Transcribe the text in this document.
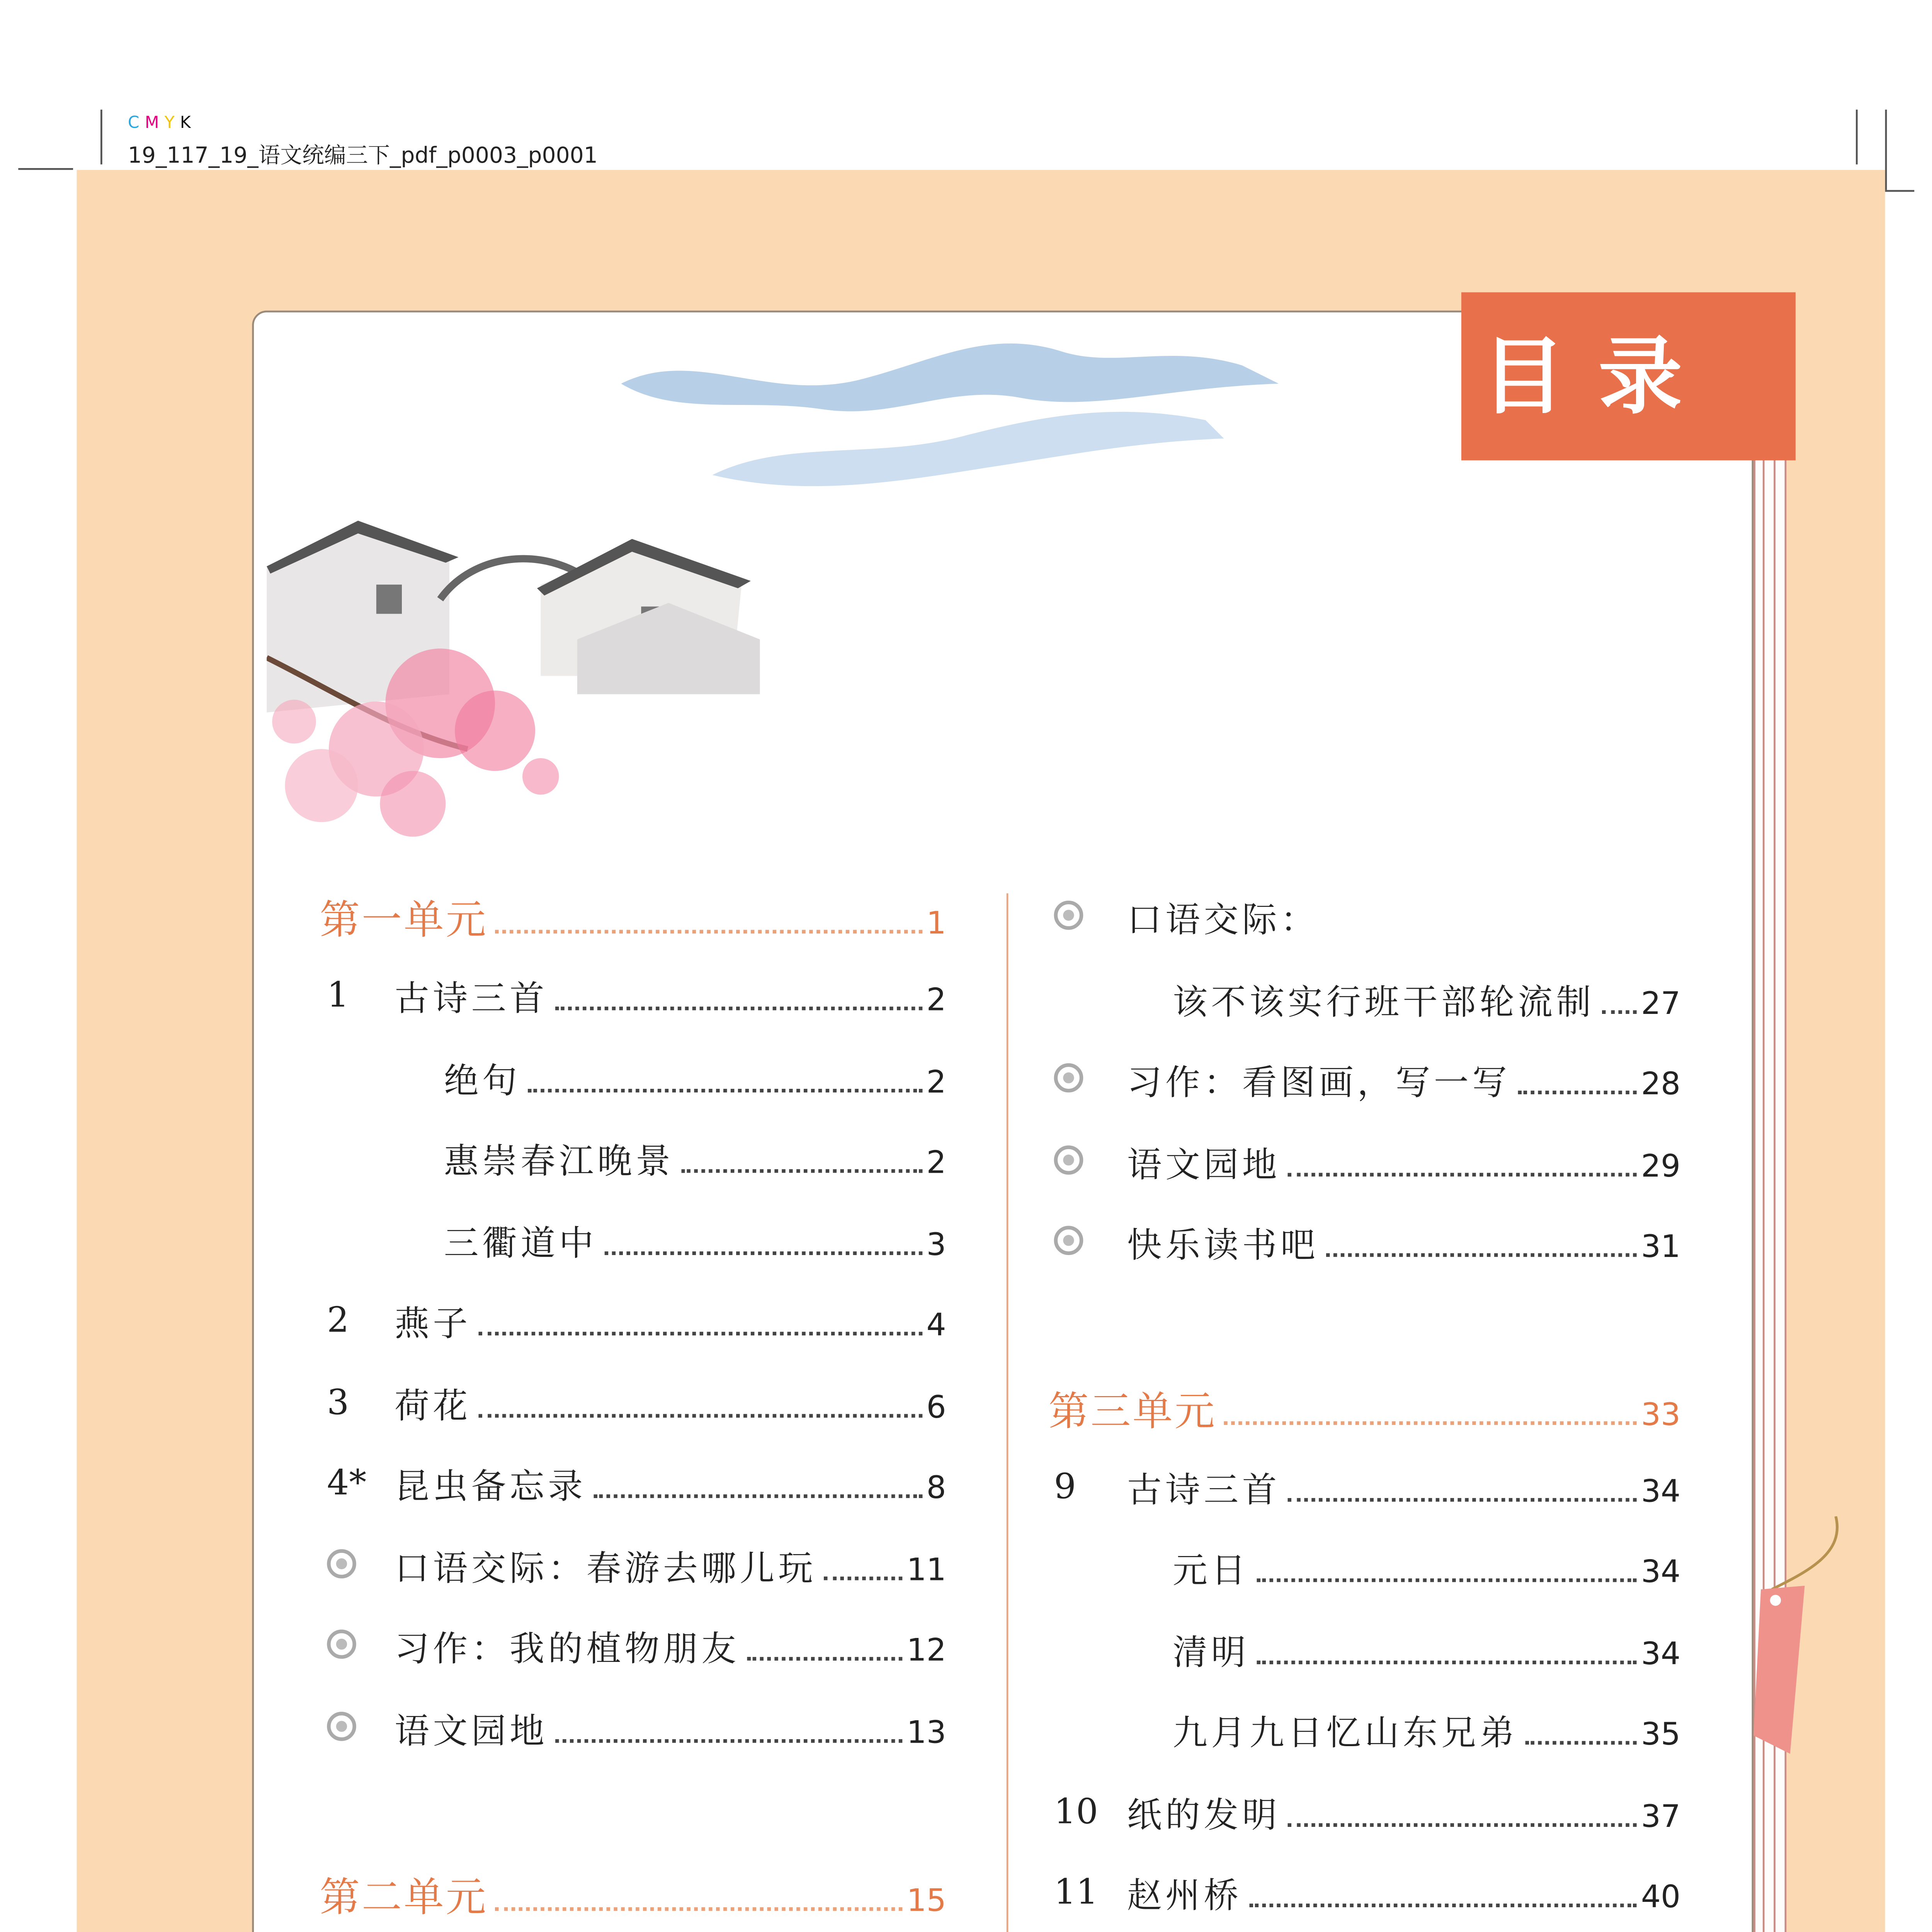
CMYK
19_117_19_语文统编三下_pdf_p0003_p0001
目录
第一单元	1
1	古诗三首	2
绝句	2
惠崇春江晚景	2
三衢道中	3
2	燕子	4
3	荷花	6
4*	昆虫备忘录	8
口语交际：春游去哪儿玩	11
习作：我的植物朋友	12
语文园地	13
第二单元	15
口语交际：
该不该实行班干部轮流制	27
习作：看图画，写一写	28
语文园地	29
快乐读书吧	31
第三单元	33
9	古诗三首	34
元日	34
清明	34
九月九日忆山东兄弟	35
10	纸的发明	37
11	赵州桥	40
